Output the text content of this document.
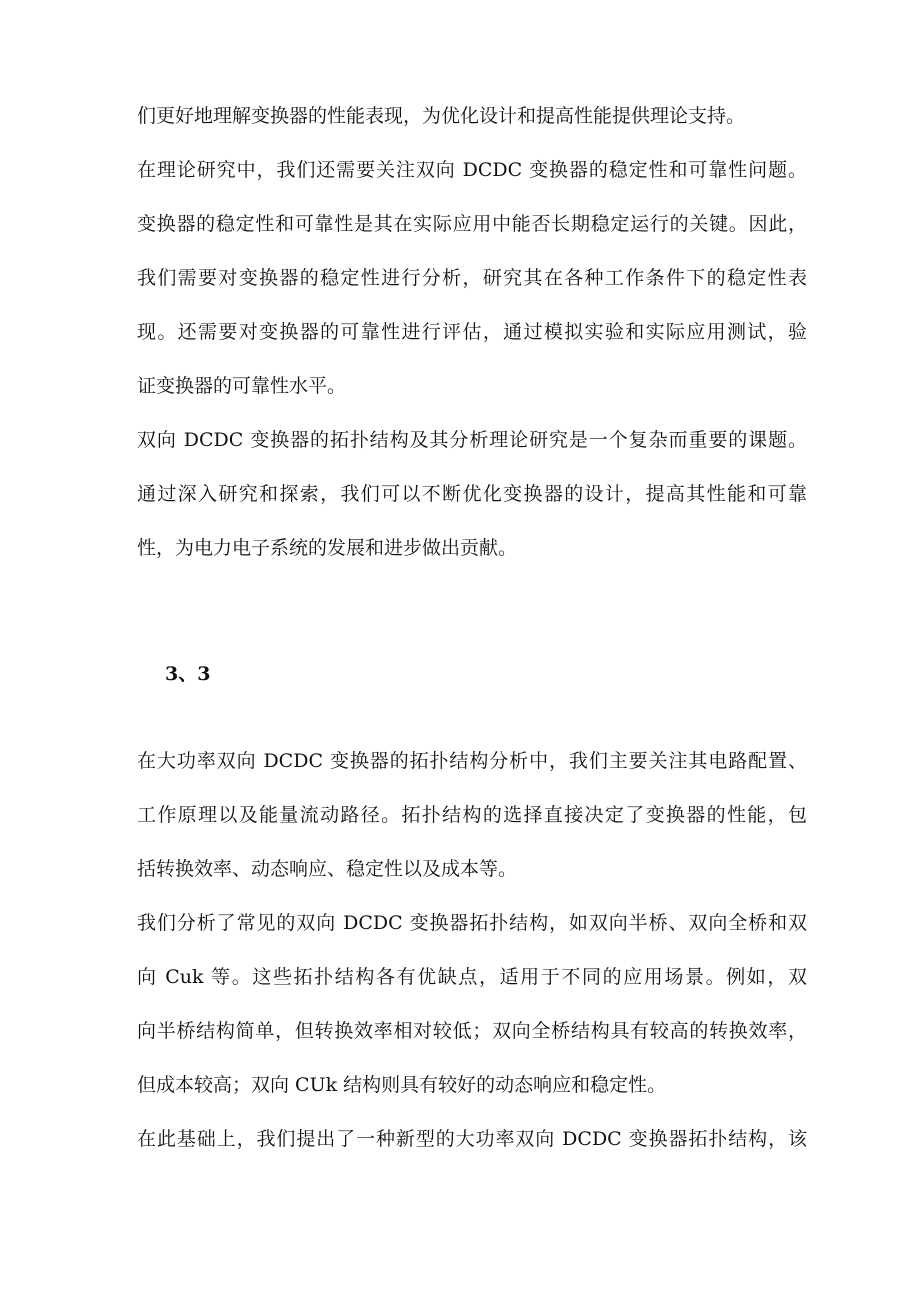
们更好地理解变换器的性能表现，为优化设计和提高性能提供理论支持。
在理论研究中，我们还需要关注双向 DCDC 变换器的稳定性和可靠性问题。
变换器的稳定性和可靠性是其在实际应用中能否长期稳定运行的关键。因此，
我们需要对变换器的稳定性进行分析，研究其在各种工作条件下的稳定性表
现。还需要对变换器的可靠性进行评估，通过模拟实验和实际应用测试，验
证变换器的可靠性水平。
双向 DCDC 变换器的拓扑结构及其分析理论研究是一个复杂而重要的课题。
通过深入研究和探索，我们可以不断优化变换器的设计，提高其性能和可靠
性，为电力电子系统的发展和进步做出贡献。
3、3
在大功率双向 DCDC 变换器的拓扑结构分析中，我们主要关注其电路配置、
工作原理以及能量流动路径。拓扑结构的选择直接决定了变换器的性能，包
括转换效率、动态响应、稳定性以及成本等。
我们分析了常见的双向 DCDC 变换器拓扑结构，如双向半桥、双向全桥和双
向 Cuk 等。这些拓扑结构各有优缺点，适用于不同的应用场景。例如，双
向半桥结构简单，但转换效率相对较低；双向全桥结构具有较高的转换效率，
但成本较高；双向 CUk 结构则具有较好的动态响应和稳定性。
在此基础上，我们提出了一种新型的大功率双向 DCDC 变换器拓扑结构，该
